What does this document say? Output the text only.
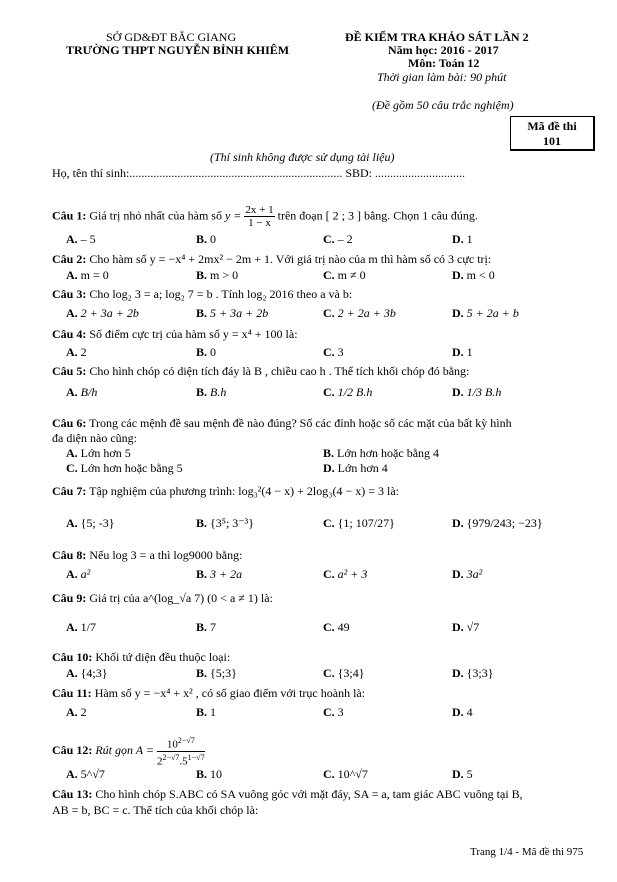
SỞ GD&ĐT BẮC GIANG
TRƯỜNG THPT NGUYỄN BỈNH KHIÊM
ĐỀ KIỂM TRA KHẢO SÁT LẦN 2
Năm học: 2016 - 2017
Môn: Toán 12
Thời gian làm bài: 90 phút
(Đề gồm 50 câu trắc nghiệm)
Mã đề thi
101
(Thí sinh không được sử dụng tài liệu)
Họ, tên thí sinh:....................................................................... SBD: ..............................
Câu 1: Giá trị nhỏ nhất của hàm số $y = \frac{2x + 1}{1 - x}$ trên đoạn [ 2 ; 3 ] bằng. Chọn 1 câu đúng.
A. – 5	B. 0	C. – 2	D. 1
Câu 2: Cho hàm số y = −x⁴ + 2mx² − 2m + 1. Với giá trị nào của m thì hàm số có 3 cực trị:
A. m = 0	B. m > 0	C. m ≠ 0	D. m < 0
Câu 3: Cho log₂ 3 = a; log₂ 7 = b . Tính log₂ 2016 theo a và b:
A. 2 + 3a + 2b	B. 5 + 3a + 2b	C. 2 + 2a + 3b	D. 5 + 2a + b
Câu 4: Số điểm cực trị của hàm số y = x⁴ + 100 là:
A. 2	B. 0	C. 3	D. 1
Câu 5: Cho hình chóp có diện tích đáy là B , chiều cao h . Thể tích khối chóp đó bằng:
A. B/h	B. B.h	C. 1/2 B.h	D. 1/3 B.h
Câu 6: Trong các mệnh đề sau mệnh đề nào đúng? Số các đỉnh hoặc số các mặt của bất kỳ hình
đa diện nào cũng:
A. Lớn hơn 5	B. Lớn hơn hoặc bằng 4
C. Lớn hơn hoặc bằng 5	D. Lớn hơn 4
Câu 7: Tập nghiệm của phương trình: log₃²(4 − x) + 2log₃(4 − x) = 3 là:
A. {5; -3}	B. {3⁵; 3⁻³}	C. {1; 107/27}	D. {979/243; −23}
Câu 8: Nếu log 3 = a thì log9000 bằng:
A. a²	B. 3 + 2a	C. a² + 3	D. 3a²
Câu 9: Giá trị của a^(log_√a 7) (0 < a ≠ 1) là:
A. 1/7	B. 7	C. 49	D. √7
Câu 10: Khối tứ diện đều thuộc loại:
A. {4;3}	B. {5;3}	C. {3;4}	D. {3;3}
Câu 11: Hàm số y = −x⁴ + x² , có số giao điểm với trục hoành là:
A. 2	B. 1	C. 3	D. 4
Câu 12: Rút gọn $A = \frac{10^{2-√7}}{2^{2-√7}.5^{1-√7}}$
A. 5^√7	B. 10	C. 10^√7	D. 5
Câu 13: Cho hình chóp S.ABC có SA vuông góc với mặt đáy, SA = a, tam giác ABC vuông tại B,
AB = b, BC = c. Thể tích của khối chóp là:
Trang 1/4 - Mã đề thi 975
